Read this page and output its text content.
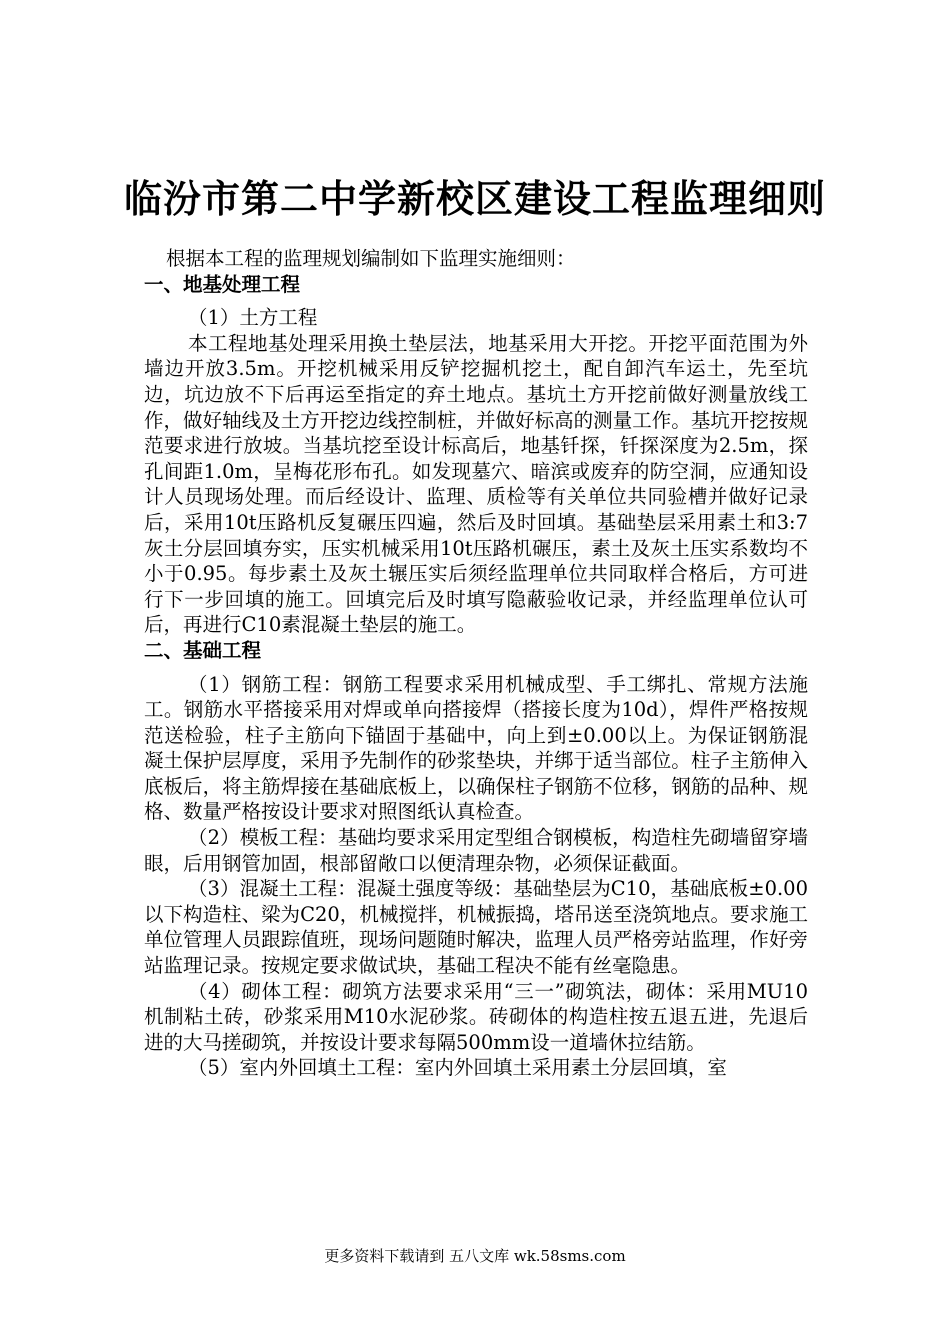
临汾市第二中学新校区建设工程监理细则

根据本工程的监理规划编制如下监理实施细则：

一、地基处理工程

（1）土方工程

本工程地基处理采用换土垫层法，地基采用大开挖。开挖平面范围为外墙边开放3.5m。开挖机械采用反铲挖掘机挖土，配自卸汽车运土，先至坑边，坑边放不下后再运至指定的弃土地点。基坑土方开挖前做好测量放线工作，做好轴线及土方开挖边线控制桩，并做好标高的测量工作。基坑开挖按规范要求进行放坡。当基坑挖至设计标高后，地基钎探，钎探深度为2.5m，探孔间距1.0m，呈梅花形布孔。如发现墓穴、暗滨或废弃的防空洞，应通知设计人员现场处理。而后经设计、监理、质检等有关单位共同验槽并做好记录后，采用10t压路机反复碾压四遍，然后及时回填。基础垫层采用素土和3:7灰土分层回填夯实，压实机械采用10t压路机碾压，素土及灰土压实系数均不小于0.95。每步素土及灰土辗压实后须经监理单位共同取样合格后，方可进行下一步回填的施工。回填完后及时填写隐蔽验收记录，并经监理单位认可后，再进行C10素混凝土垫层的施工。

二、基础工程

（1）钢筋工程：钢筋工程要求采用机械成型、手工绑扎、常规方法施工。钢筋水平搭接采用对焊或单向搭接焊（搭接长度为10d），焊件严格按规范送检验，柱子主筋向下锚固于基础中，向上到±0.00以上。为保证钢筋混凝土保护层厚度，采用予先制作的砂浆垫块，并绑于适当部位。柱子主筋伸入底板后，将主筋焊接在基础底板上，以确保柱子钢筋不位移，钢筋的品种、规格、数量严格按设计要求对照图纸认真检查。

（2）模板工程：基础均要求采用定型组合钢模板，构造柱先砌墙留穿墙眼，后用钢管加固，根部留敞口以便清理杂物，必须保证截面。

（3）混凝土工程：混凝土强度等级：基础垫层为C10，基础底板±0.00以下构造柱、梁为C20，机械搅拌，机械振捣，塔吊送至浇筑地点。要求施工单位管理人员跟踪值班，现场问题随时解决，监理人员严格旁站监理，作好旁站监理记录。按规定要求做试块，基础工程决不能有丝毫隐患。

（4）砌体工程：砌筑方法要求采用“三一”砌筑法，砌体：采用MU10机制粘土砖，砂浆采用M10水泥砂浆。砖砌体的构造柱按五退五进，先退后进的大马搓砌筑，并按设计要求每隔500mm设一道墙休拉结筋。

（5）室内外回填土工程：室内外回填土采用素土分层回填，室

更多资料下载请到 五八文库 wk.58sms.com
